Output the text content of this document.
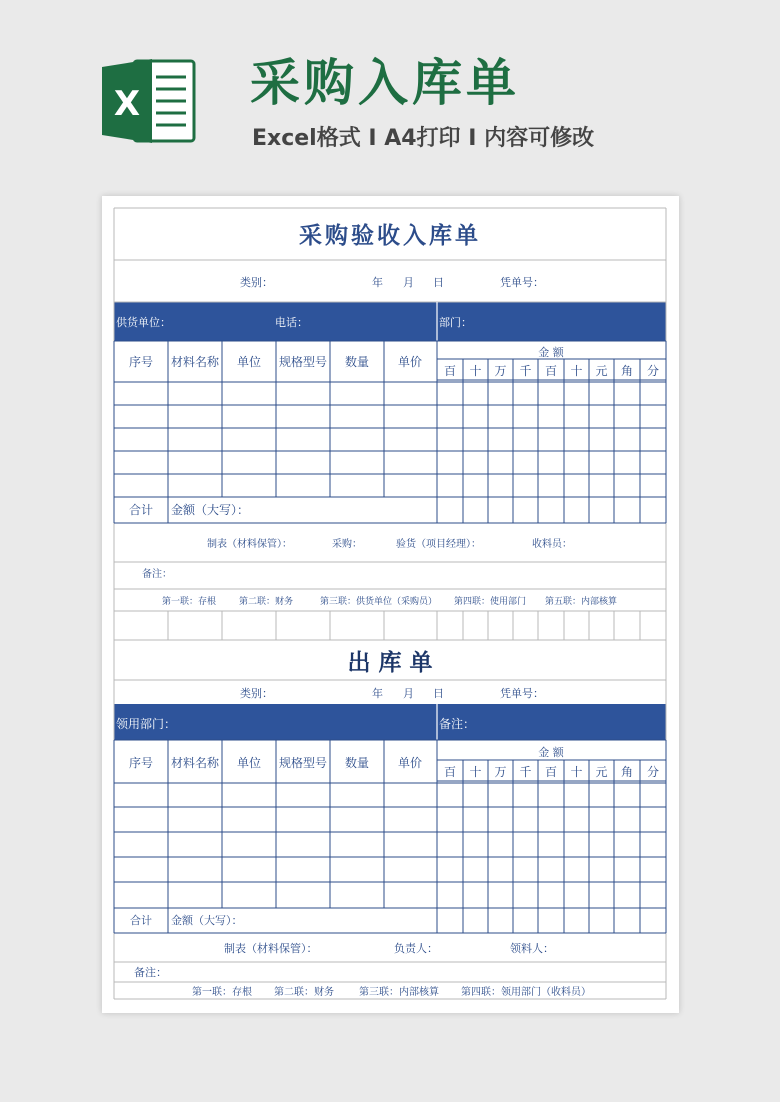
X 采购入库单
Excel格式 I A4打印 I 内容可修改
采购验收入库单
类别：	年 月 日	凭单号：
供货单位：	电话：	部门：
序号 材料名称 单位 规格型号 数量 单价
金 额
百 十 万 千 百 十 元 角 分
合计 金额（大写）：
制表（材料保管）：	采购：	验货（项目经理）：	收料员：
备注：
第一联：存根	第二联：财务	第三联：供货单位（采购员） 第四联：使用部门 第五联：内部核算
出 库 单
类别：	年 月 日	凭单号：
领用部门：	备注：
序号 材料名称 单位 规格型号 数量 单价
金 额
百 十 万 千 百 十 元 角 分
合计 金额（大写）：
制表（材料保管）：	负责人：	领料人：
备注：
第一联：存根 第二联：财务	第三联：内部核算 第四联：领用部门（收料员）
